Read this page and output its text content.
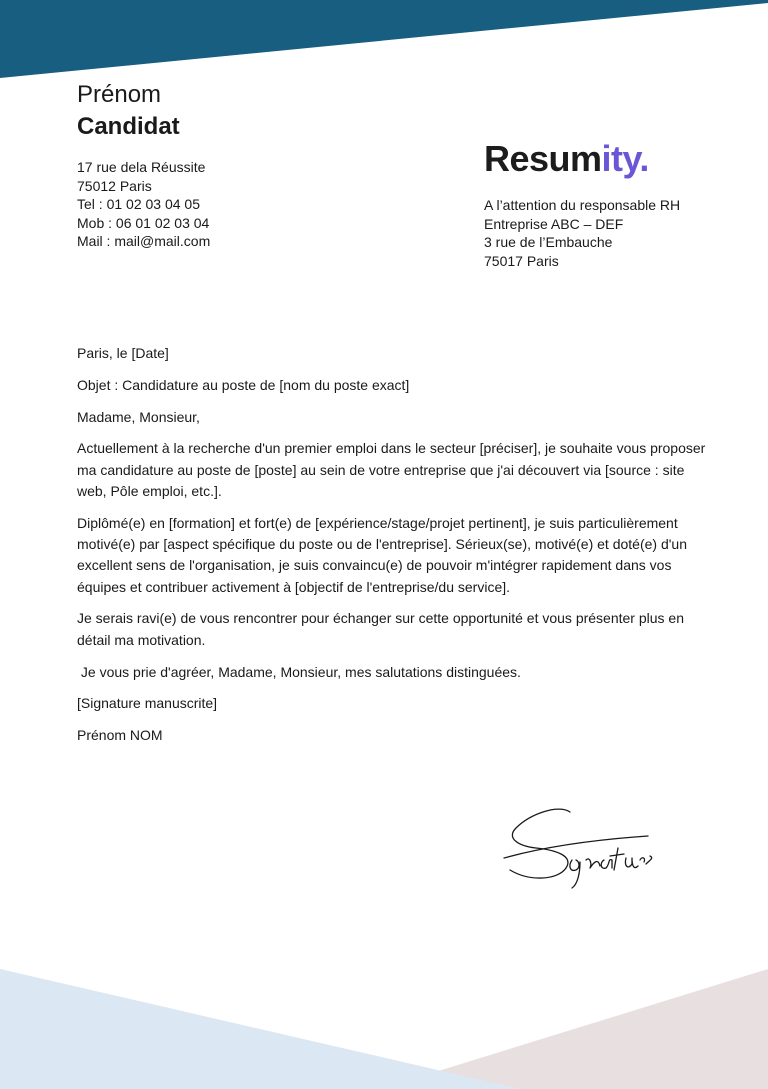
Prénom
Candidat
17 rue dela Réussite
75012 Paris
Tel : 01 02 03 04 05
Mob : 06 01 02 03 04
Mail : mail@mail.com
Resumity.
A l’attention du responsable RH
Entreprise ABC – DEF
3 rue de l’Embauche
75017 Paris

Paris, le [Date]

Objet : Candidature au poste de [nom du poste exact]

Madame, Monsieur,

Actuellement à la recherche d'un premier emploi dans le secteur [préciser], je souhaite vous proposer ma candidature au poste de [poste] au sein de votre entreprise que j'ai découvert via [source : site web, Pôle emploi, etc.].

Diplômé(e) en [formation] et fort(e) de [expérience/stage/projet pertinent], je suis particulièrement motivé(e) par [aspect spécifique du poste ou de l'entreprise]. Sérieux(se), motivé(e) et doté(e) d'un excellent sens de l'organisation, je suis convaincu(e) de pouvoir m'intégrer rapidement dans vos équipes et contribuer activement à [objectif de l'entreprise/du service].

Je serais ravi(e) de vous rencontrer pour échanger sur cette opportunité et vous présenter plus en détail ma motivation.

Je vous prie d'agréer, Madame, Monsieur, mes salutations distinguées.

[Signature manuscrite]

Prénom NOM
